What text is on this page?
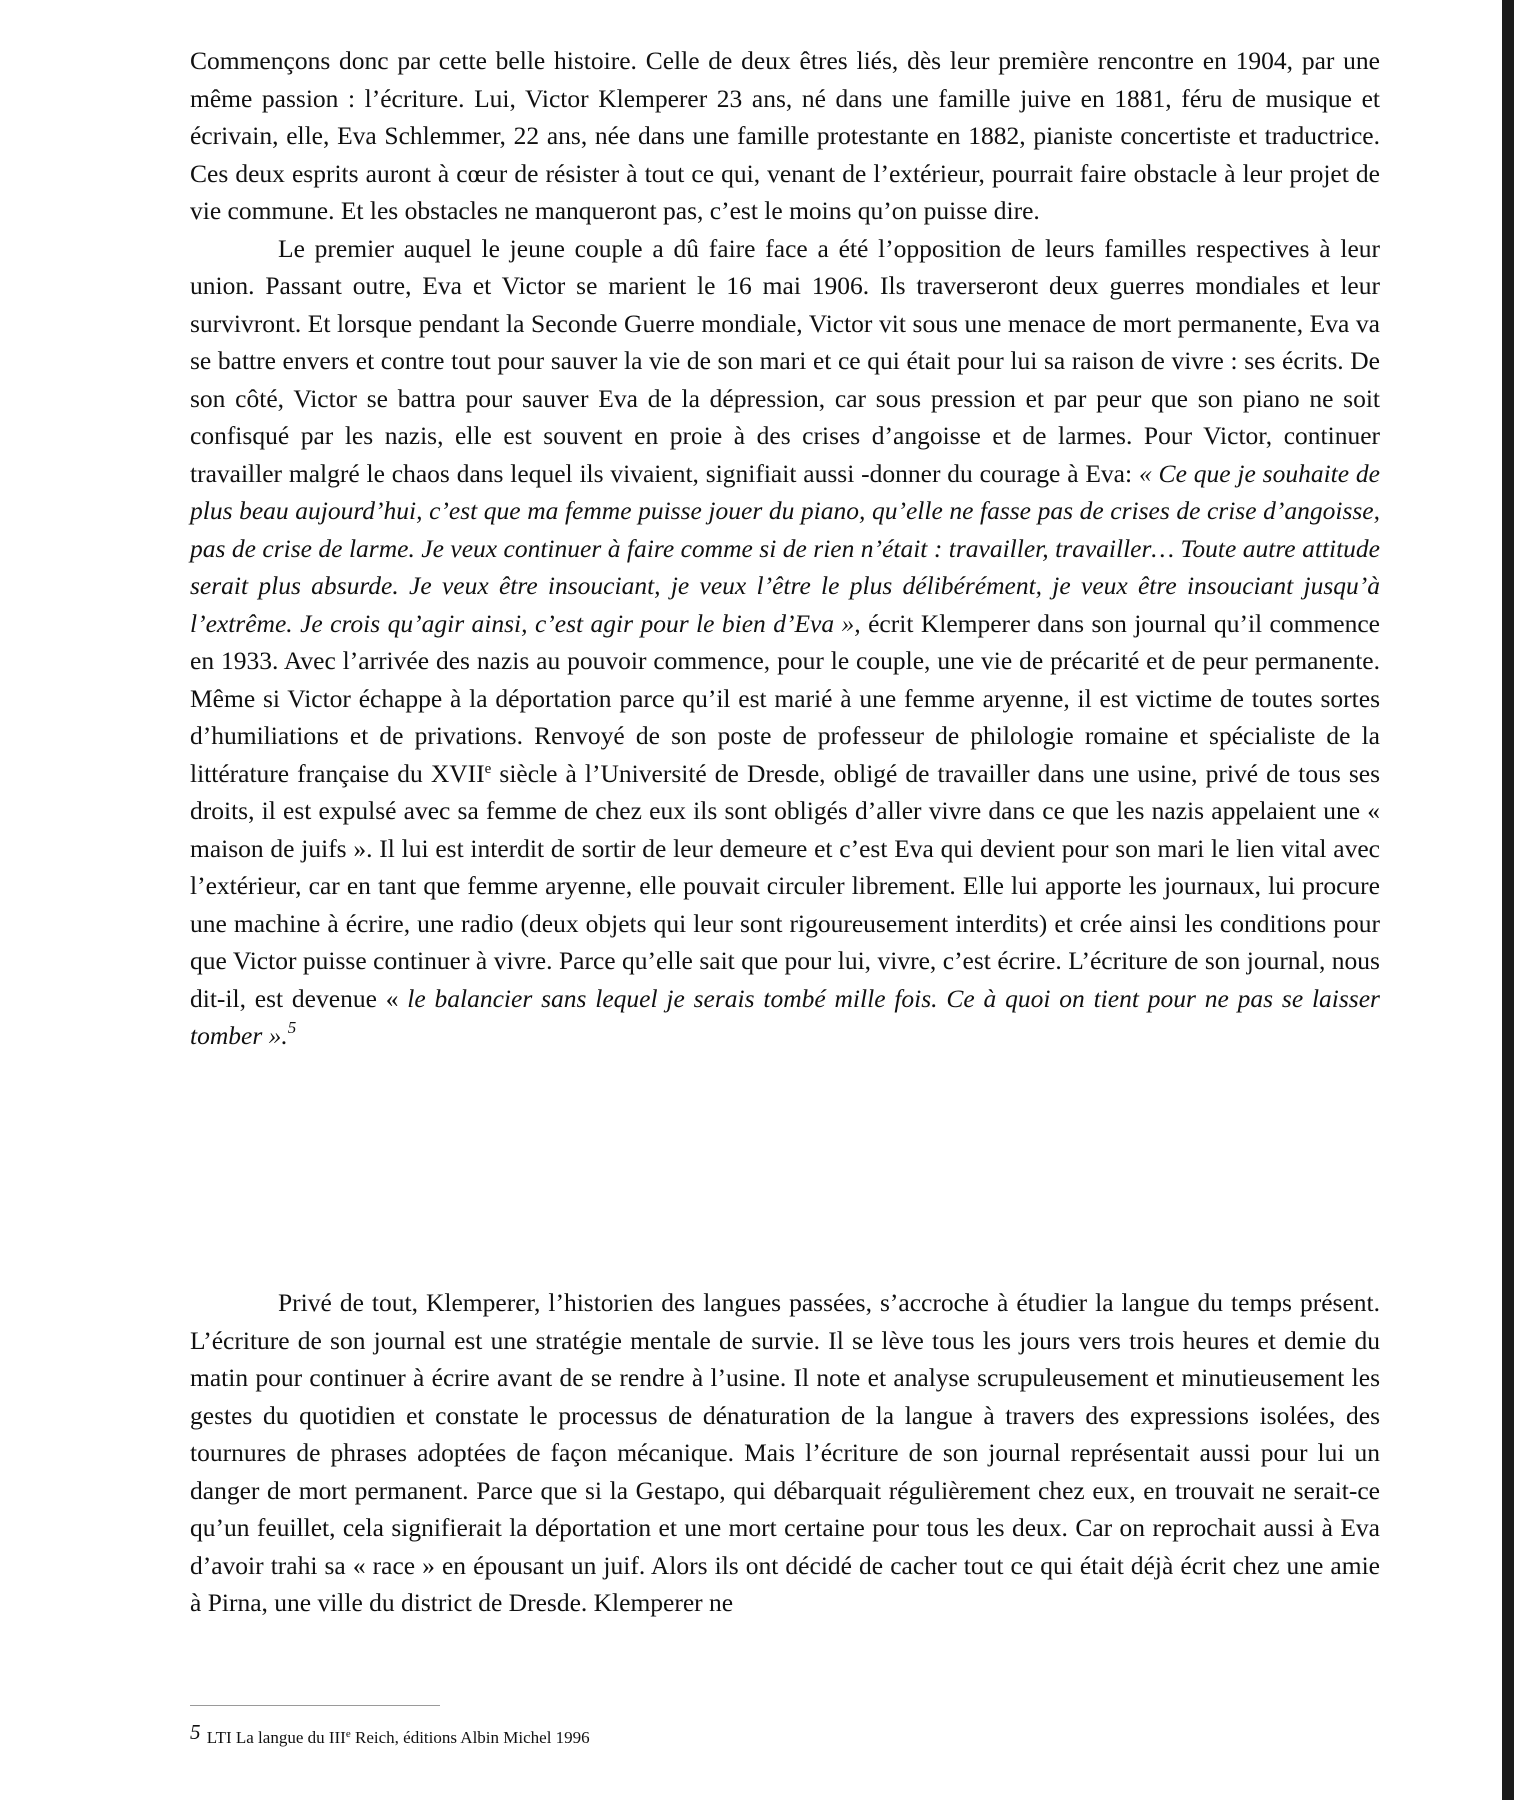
Commençons donc par cette belle histoire. Celle de deux êtres liés, dès leur première rencontre en 1904, par une même passion : l’écriture. Lui, Victor Klemperer 23 ans, né dans une famille juive en 1881, féru de musique et écrivain, elle, Eva Schlemmer, 22 ans, née dans une famille protestante en 1882, pianiste concertiste et traductrice. Ces deux esprits auront à cœur de résister à tout ce qui, venant de l’extérieur, pourrait faire obstacle à leur projet de vie commune. Et les obstacles ne manqueront pas, c’est le moins qu’on puisse dire.

Le premier auquel le jeune couple a dû faire face a été l’opposition de leurs familles respectives à leur union. Passant outre, Eva et Victor se marient le 16 mai 1906. Ils traverseront deux guerres mondiales et leur survivront. Et lorsque pendant la Seconde Guerre mondiale, Victor vit sous une menace de mort permanente, Eva va se battre envers et contre tout pour sauver la vie de son mari et ce qui était pour lui sa raison de vivre : ses écrits. De son côté, Victor se battra pour sauver Eva de la dépression, car sous pression et par peur que son piano ne soit confisqué par les nazis, elle est souvent en proie à des crises d’angoisse et de larmes. Pour Victor, continuer travailler malgré le chaos dans lequel ils vivaient, signifiait aussi -donner du courage à Eva: « Ce que je souhaite de plus beau aujourd’hui, c’est que ma femme puisse jouer du piano, qu’elle ne fasse pas de crises de crise d’angoisse, pas de crise de larme. Je veux continuer à faire comme si de rien n’était : travailler, travailler… Toute autre attitude serait plus absurde. Je veux être insouciant, je veux l’être le plus délibérément, je veux être insouciant jusqu’à l’extrême. Je crois qu’agir ainsi, c’est agir pour le bien d’Eva », écrit Klemperer dans son journal qu’il commence en 1933. Avec l’arrivée des nazis au pouvoir commence, pour le couple, une vie de précarité et de peur permanente. Même si Victor échappe à la déportation parce qu’il est marié à une femme aryenne, il est victime de toutes sortes d’humiliations et de privations. Renvoyé de son poste de professeur de philologie romaine et spécialiste de la littérature française du XVIIe siècle à l’Université de Dresde, obligé de travailler dans une usine, privé de tous ses droits, il est expulsé avec sa femme de chez eux ils sont obligés d’aller vivre dans ce que les nazis appelaient une « maison de juifs ». Il lui est interdit de sortir de leur demeure et c’est Eva qui devient pour son mari le lien vital avec l’extérieur, car en tant que femme aryenne, elle pouvait circuler librement. Elle lui apporte les journaux, lui procure une machine à écrire, une radio (deux objets qui leur sont rigoureusement interdits) et crée ainsi les conditions pour que Victor puisse continuer à vivre. Parce qu’elle sait que pour lui, vivre, c’est écrire. L’écriture de son journal, nous dit-il, est devenue « le balancier sans lequel je serais tombé mille fois. Ce à quoi on tient pour ne pas se laisser tomber ».$^5$

Privé de tout, Klemperer, l’historien des langues passées, s’accroche à étudier la langue du temps présent. L’écriture de son journal est une stratégie mentale de survie. Il se lève tous les jours vers trois heures et demie du matin pour continuer à écrire avant de se rendre à l’usine. Il note et analyse scrupuleusement et minutieusement les gestes du quotidien et constate le processus de dénaturation de la langue à travers des expressions isolées, des tournures de phrases adoptées de façon mécanique. Mais l’écriture de son journal représentait aussi pour lui un danger de mort permanent. Parce que si la Gestapo, qui débarquait régulièrement chez eux, en trouvait ne serait-ce qu’un feuillet, cela signifierait la déportation et une mort certaine pour tous les deux. Car on reprochait aussi à Eva d’avoir trahi sa « race » en épousant un juif. Alors ils ont décidé de cacher tout ce qui était déjà écrit chez une amie à Pirna, une ville du district de Dresde. Klemperer ne

5 LTI La langue du IIIe Reich, éditions Albin Michel 1996
